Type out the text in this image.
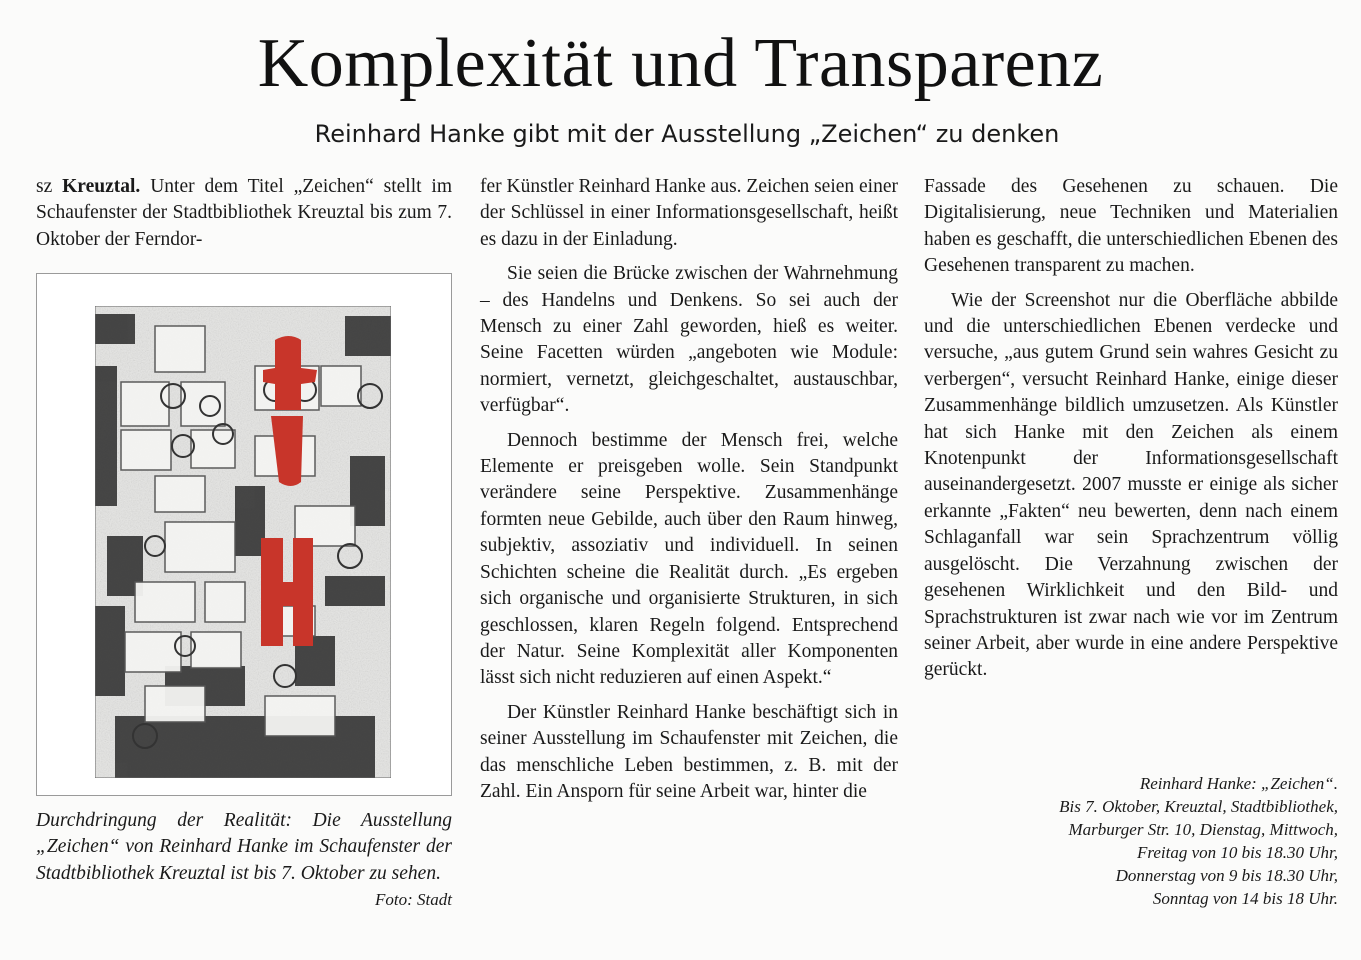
Komplexität und Transparenz
Reinhard Hanke gibt mit der Ausstellung „Zeichen“ zu denken

sz Kreuztal. Unter dem Titel „Zeichen“ stellt im Schaufenster der Stadtbibliothek Kreuztal bis zum 7. Oktober der Ferndor-

Durchdringung der Realität: Die Ausstellung „Zeichen“ von Reinhard Hanke im Schaufenster der Stadtbibliothek Kreuztal ist bis 7. Oktober zu sehen.
Foto: Stadt

fer Künstler Reinhard Hanke aus. Zeichen seien einer der Schlüssel in einer Informationsgesellschaft, heißt es dazu in der Einladung.

Sie seien die Brücke zwischen der Wahrnehmung – des Handelns und Denkens. So sei auch der Mensch zu einer Zahl geworden, hieß es weiter. Seine Facetten würden „angeboten wie Module: normiert, vernetzt, gleichgeschaltet, austauschbar, verfügbar“.

Dennoch bestimme der Mensch frei, welche Elemente er preisgeben wolle. Sein Standpunkt verändere seine Perspektive. Zusammenhänge formten neue Gebilde, auch über den Raum hinweg, subjektiv, assoziativ und individuell. In seinen Schichten scheine die Realität durch. „Es ergeben sich organische und organisierte Strukturen, in sich geschlossen, klaren Regeln folgend. Entsprechend der Natur. Seine Komplexität aller Komponenten lässt sich nicht reduzieren auf einen Aspekt.“

Der Künstler Reinhard Hanke beschäftigt sich in seiner Ausstellung im Schaufenster mit Zeichen, die das menschliche Leben bestimmen, z. B. mit der Zahl. Ein Ansporn für seine Arbeit war, hinter die

Fassade des Gesehenen zu schauen. Die Digitalisierung, neue Techniken und Materialien haben es geschafft, die unterschiedlichen Ebenen des Gesehenen transparent zu machen.

Wie der Screenshot nur die Oberfläche abbilde und die unterschiedlichen Ebenen verdecke und versuche, „aus gutem Grund sein wahres Gesicht zu verbergen“, versucht Reinhard Hanke, einige dieser Zusammenhänge bildlich umzusetzen. Als Künstler hat sich Hanke mit den Zeichen als einem Knotenpunkt der Informationsgesellschaft auseinandergesetzt. 2007 musste er einige als sicher erkannte „Fakten“ neu bewerten, denn nach einem Schlaganfall war sein Sprachzentrum völlig ausgelöscht. Die Verzahnung zwischen der gesehenen Wirklichkeit und den Bild- und Sprachstrukturen ist zwar nach wie vor im Zentrum seiner Arbeit, aber wurde in eine andere Perspektive gerückt.

Reinhard Hanke: „Zeichen“.
Bis 7. Oktober, Kreuztal, Stadtbibliothek,
Marburger Str. 10, Dienstag, Mittwoch,
Freitag von 10 bis 18.30 Uhr,
Donnerstag von 9 bis 18.30 Uhr,
Sonntag von 14 bis 18 Uhr.
